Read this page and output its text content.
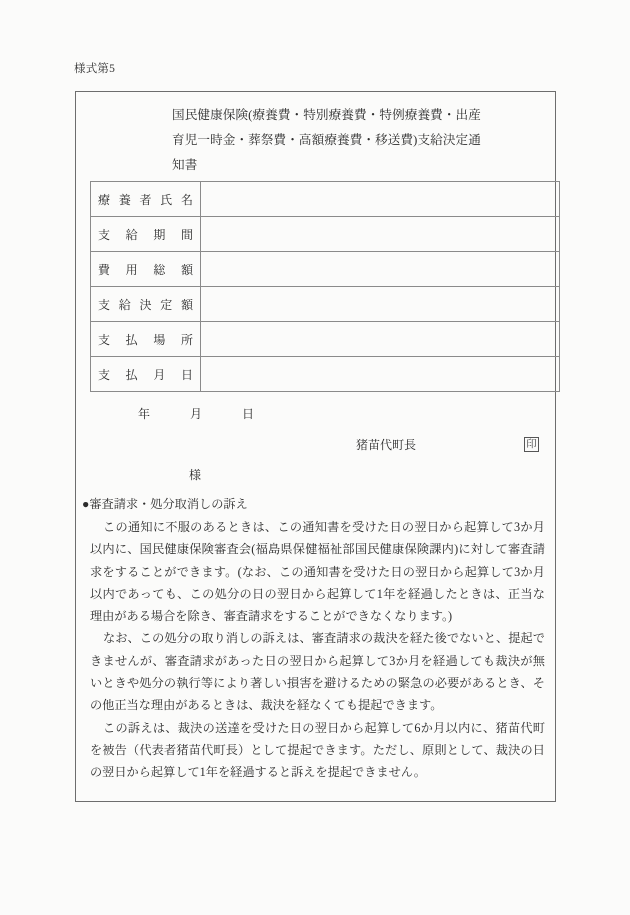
様式第5
国民健康保険(療養費・特別療養費・特例療養費・出産
育児一時金・葬祭費・高額療養費・移送費)支給決定通
知書
療 養 者 氏 名	

支 給 期 間	

費 用 総 額	

支 給 決 定 額	

支 払 場 所	

支 払 月 日	

年	月	日
猪苗代町長	印
様
●審査請求・処分取消しの訴え

この通知に不服のあるときは、この通知書を受けた日の翌日から起算して3か月以内に、国民健康保険審査会(福島県保健福祉部国民健康保険課内)に対して審査請求をすることができます。(なお、この通知書を受けた日の翌日から起算して3か月以内であっても、この処分の日の翌日から起算して1年を経過したときは、正当な理由がある場合を除き、審査請求をすることができなくなります。)

なお、この処分の取り消しの訴えは、審査請求の裁決を経た後でないと、提起できませんが、審査請求があった日の翌日から起算して3か月を経過しても裁決が無いときや処分の執行等により著しい損害を避けるための緊急の必要があるとき、その他正当な理由があるときは、裁決を経なくても提起できます。

この訴えは、裁決の送達を受けた日の翌日から起算して6か月以内に、猪苗代町を被告（代表者猪苗代町長）として提起できます。ただし、原則として、裁決の日の翌日から起算して1年を経過すると訴えを提起できません。
